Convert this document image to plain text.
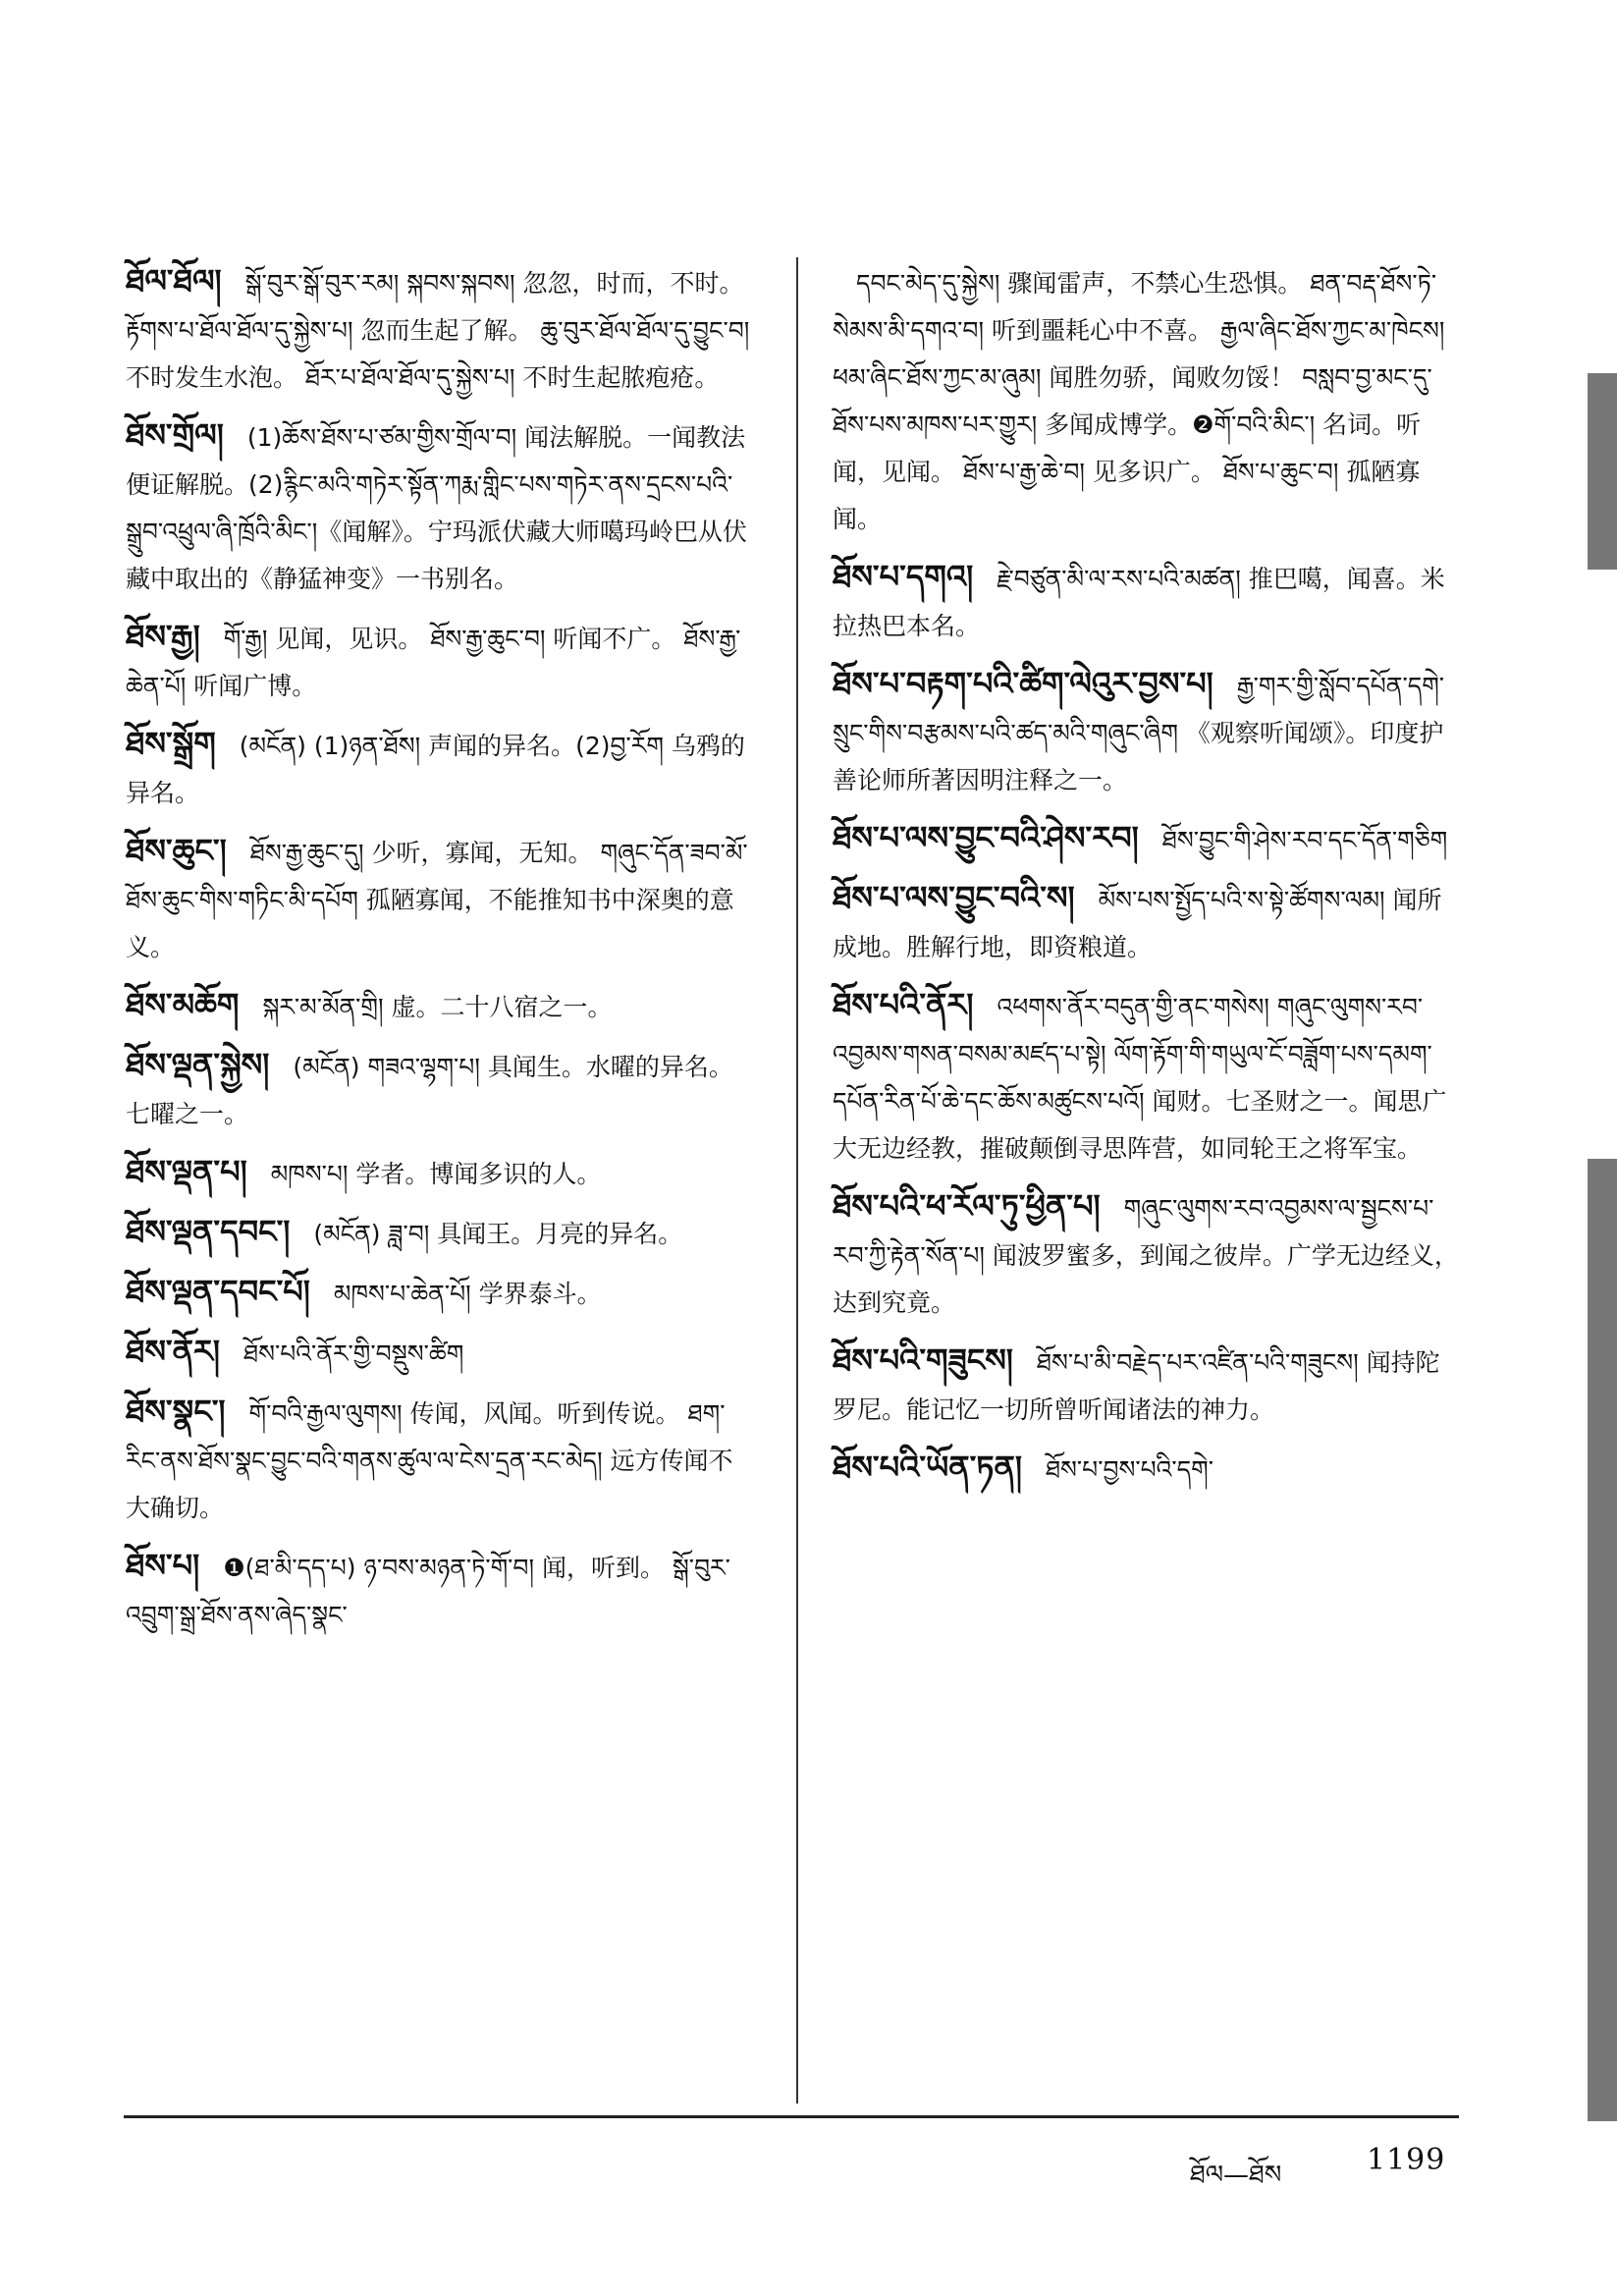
ཐོལ་ཐོལ། སྒོ་བུར་སྒོ་བུར་རམ། སྐབས་སྐབས། 忽忽，时而，不时。 རྟོགས་པ་ཐོལ་ཐོལ་དུ་སྐྱེས་པ། 忽而生起了解。 ཆུ་བུར་ཐོལ་ཐོལ་དུ་བྱུང་བ། 不时发生水泡。 ཐོར་པ་ཐོལ་ཐོལ་དུ་སྐྱེས་པ། 不时生起脓疱疮。
ཐོས་གྲོལ། (1)ཆོས་ཐོས་པ་ཙམ་གྱིས་གྲོལ་བ། 闻法解脱。一闻教法便证解脱。(2)རྙིང་མའི་གཏེར་སྟོན་ཀརྨ་གླིང་པས་གཏེར་ནས་དྲངས་པའི་སྒྲུབ་འཕྲུལ་ཞི་ཁྲོའི་མིང་།《闻解》。宁玛派伏藏大师噶玛岭巴从伏藏中取出的《静猛神变》一书别名。
ཐོས་རྒྱ། གོ་རྒྱ། 见闻，见识。 ཐོས་རྒྱ་ཆུང་བ། 听闻不广。 ཐོས་རྒྱ་ཆེན་པོ། 听闻广博。
ཐོས་སྒྲོག (མངོན) (1)ཉན་ཐོས། 声闻的异名。(2)བྱ་རོག 乌鸦的异名。
ཐོས་ཆུང་། ཐོས་རྒྱ་ཆུང་དུ། 少听，寡闻，无知。 གཞུང་དོན་ཟབ་མོ་ཐོས་ཆུང་གིས་གཏིང་མི་དཔོག 孤陋寡闻，不能推知书中深奥的意义。
ཐོས་མཆོག སྐར་མ་མོན་གྲི། 虚。二十八宿之一。
ཐོས་ལྡན་སྐྱེས། (མངོན) གཟའ་ལྷག་པ། 具闻生。水曜的异名。七曜之一。
ཐོས་ལྡན་པ། མཁས་པ། 学者。博闻多识的人。
ཐོས་ལྡན་དབང་། (མངོན) ཟླ་བ། 具闻王。月亮的异名。
ཐོས་ལྡན་དབང་པོ། མཁས་པ་ཆེན་པོ། 学界泰斗。
ཐོས་ནོར། ཐོས་པའི་ནོར་གྱི་བསྡུས་ཚིག
ཐོས་སྣང་། གོ་བའི་རྒྱལ་ལུགས། 传闻，风闻。听到传说。 ཐག་རིང་ནས་ཐོས་སྣང་བྱུང་བའི་གནས་ཚུལ་ལ་ངེས་དྲན་རང་མེད། 远方传闻不大确切。
ཐོས་པ། ❶(ཐ་མི་དད་པ) ཉ་བས་མཉན་ཏེ་གོ་བ། 闻，听到。 སྒོ་བུར་འབྲུག་སྒྲ་ཐོས་ནས་ཞེད་སྣང་
དབང་མེད་དུ་སྐྱེས། 骤闻雷声，不禁心生恐惧。 ཐན་བརྡ་ཐོས་ཏེ་སེམས་མི་དགའ་བ། 听到噩耗心中不喜。 རྒྱལ་ཞིང་ཐོས་ཀྱང་མ་ཁེངས། ཕམ་ཞིང་ཐོས་ཀྱང་མ་ཞུམ། 闻胜勿骄，闻败勿馁！ བསླབ་བྱ་མང་དུ་ཐོས་པས་མཁས་པར་གྱུར། 多闻成博学。❷གོ་བའི་མིང་། 名词。听闻，见闻。 ཐོས་པ་རྒྱ་ཆེ་བ། 见多识广。 ཐོས་པ་ཆུང་བ། 孤陋寡闻。
ཐོས་པ་དགའ། རྗེ་བཙུན་མི་ལ་རས་པའི་མཚན། 推巴噶，闻喜。米拉热巴本名。
ཐོས་པ་བརྟག་པའི་ཚིག་ལེའུར་བྱས་པ། རྒྱ་གར་གྱི་སློབ་དཔོན་དགེ་སྲུང་གིས་བརྩམས་པའི་ཚད་མའི་གཞུང་ཞིག 《观察听闻颂》。印度护善论师所著因明注释之一。
ཐོས་པ་ལས་བྱུང་བའི་ཤེས་རབ། ཐོས་བྱུང་གི་ཤེས་རབ་དང་དོན་གཅིག
ཐོས་པ་ལས་བྱུང་བའི་ས། མོས་པས་སྤྱོད་པའི་ས་སྟེ་ཚོགས་ལམ། 闻所成地。胜解行地，即资粮道。
ཐོས་པའི་ནོར། འཕགས་ནོར་བདུན་གྱི་ནང་གསེས། གཞུང་ལུགས་རབ་འབྱམས་གསན་བསམ་མཛད་པ་སྟེ། ལོག་རྟོག་གི་གཡུལ་ངོ་བཟློག་པས་དམག་དཔོན་རིན་པོ་ཆེ་དང་ཆོས་མཚུངས་པའོ། 闻财。七圣财之一。闻思广大无边经教，摧破颠倒寻思阵营，如同轮王之将军宝。
ཐོས་པའི་ཕ་རོལ་ཏུ་ཕྱིན་པ། གཞུང་ལུགས་རབ་འབྱམས་ལ་སྦྱངས་པ་རབ་ཀྱི་རྟེན་སོན་པ། 闻波罗蜜多，到闻之彼岸。广学无边经义，达到究竟。
ཐོས་པའི་གཟུངས། ཐོས་པ་མི་བརྗེད་པར་འཛིན་པའི་གཟུངས། 闻持陀罗尼。能记忆一切所曾听闻诸法的神力。
ཐོས་པའི་ཡོན་ཏན། ཐོས་པ་བྱས་པའི་དགེ་
ཐོལ—ཐོས	1199
